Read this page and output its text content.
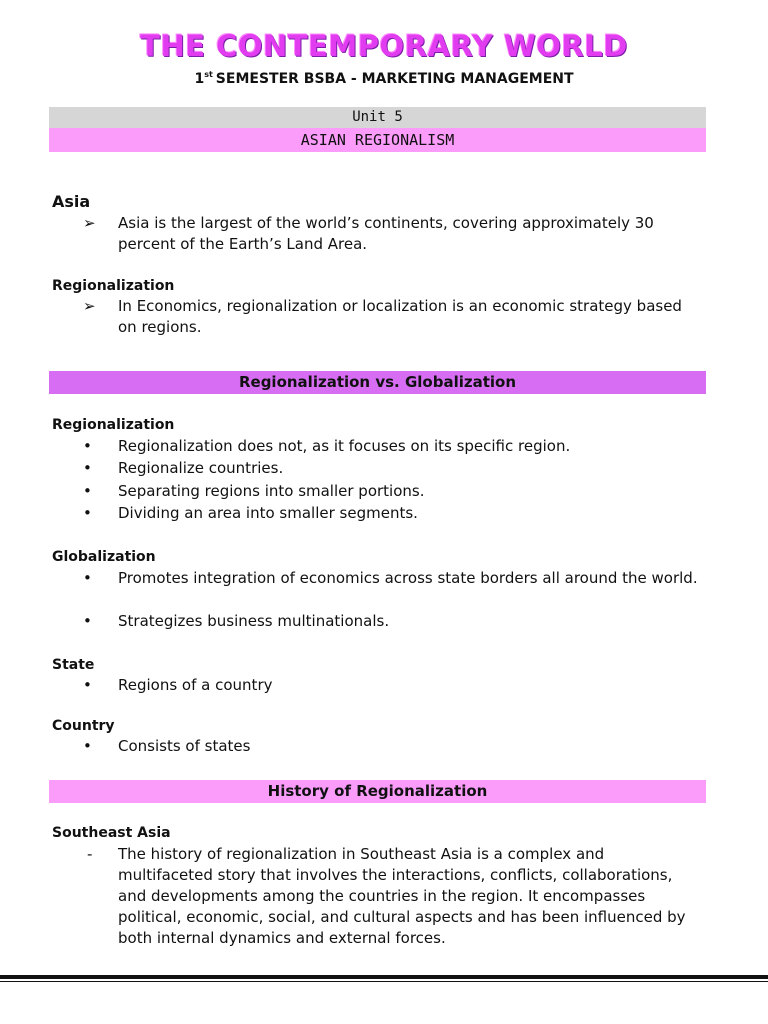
THE CONTEMPORARY WORLD
1st SEMESTER BSBA - MARKETING MANAGEMENT
Unit 5
ASIAN REGIONALISM
Asia
➢	Asia is the largest of the world’s continents, covering approximately 30 percent of the Earth’s Land Area.
Regionalization
➢	In Economics, regionalization or localization is an economic strategy based on regions.
Regionalization vs. Globalization
Regionalization
•	Regionalization does not, as it focuses on its specific region.
•	Regionalize countries.
•	Separating regions into smaller portions.
•	Dividing an area into smaller segments.
Globalization
•	Promotes integration of economics across state borders all around the world.
•	Strategizes business multinationals.
State
•	Regions of a country
Country
•	Consists of states
History of Regionalization
Southeast Asia
-	The history of regionalization in Southeast Asia is a complex and multifaceted story that involves the interactions, conflicts, collaborations, and developments among the countries in the region. It encompasses political, economic, social, and cultural aspects and has been influenced by both internal dynamics and external forces.
